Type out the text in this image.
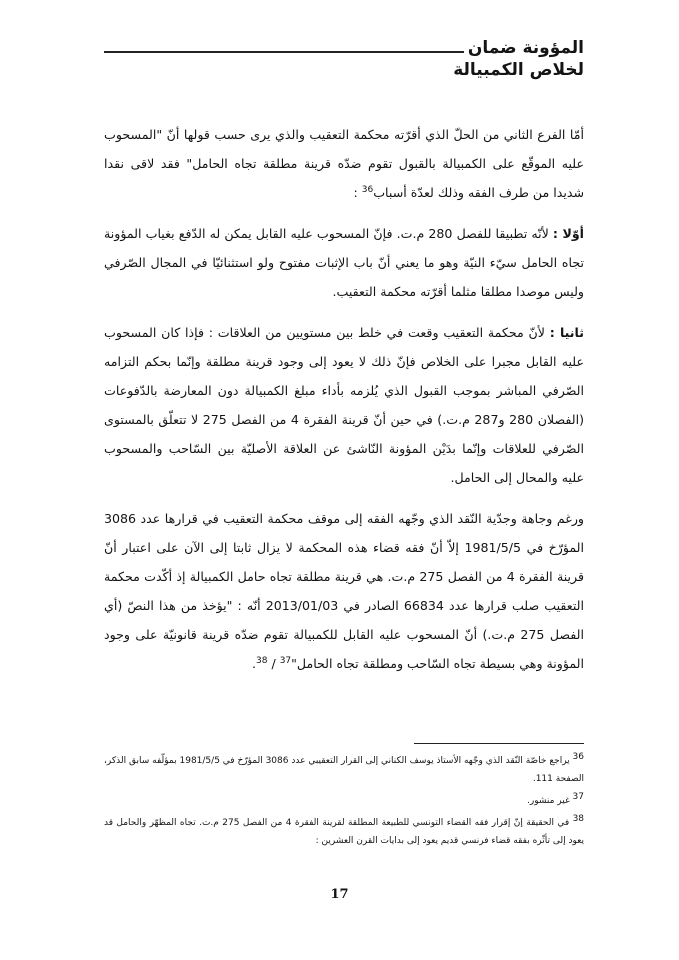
المؤونة ضمان
لخلاص الكمبيالة

أمّا الفرع الثاني من الحلّ الذي أقرّته محكمة التعقيب والذي يرى حسب قولها أنّ "المسحوب عليه الموقّع على الكمبيالة بالقبول تقوم ضدّه قرينة مطلقة تجاه الحامل" فقد لاقى نقدا شديدا من طرف الفقه وذلك لعدّة أسباب$^{36}$ :

أوّلا : لأنّه تطبيقا للفصل 280 م.ت. فإنّ المسحوب عليه القابل يمكن له الدّفع بغياب المؤونة تجاه الحامل سيّء النيّة وهو ما يعني أنّ باب الإثبات مفتوح ولو استثنائيّا في المجال الصّرفي وليس موصدا مطلقا مثلما أقرّته محكمة التعقيب.

ثانيا : لأنّ محكمة التعقيب وقعت في خلط بين مستويين من العلاقات : فإذا كان المسحوب عليه القابل مجبرا على الخلاص فإنّ ذلك لا يعود إلى وجود قرينة مطلقة وإنّما بحكم التزامه الصّرفي المباشر بموجب القبول الذي يُلزمه بأداء مبلغ الكمبيالة دون المعارضة بالدّفوعات (الفصلان 280 و287 م.ت.) في حين أنّ قرينة الفقرة 4 من الفصل 275 لا تتعلّق بالمستوى الصّرفي للعلاقات وإنّما بدَيْن المؤونة النّاشئ عن العلاقة الأصليّة بين السّاحب والمسحوب عليه والمحال إلى الحامل.

ورغم وجاهة وجدّية النّقد الذي وجّهه الفقه إلى موقف محكمة التعقيب في قرارها عدد 3086 المؤرّخ في 1981/5/5 إلاّ أنّ فقه قضاء هذه المحكمة لا يزال ثابتا إلى الآن على اعتبار أنّ قرينة الفقرة 4 من الفصل 275 م.ت. هي قرينة مطلقة تجاه حامل الكمبيالة إذ أكّدت محكمة التعقيب صلب قرارها عدد 66834 الصادر في 2013/01/03 أنّه : "يؤخذ من هذا النصّ (أي الفصل 275 م.ت.) أنّ المسحوب عليه القابل للكمبيالة تقوم ضدّه قرينة قانونيّة على وجود المؤونة وهي بسيطة تجاه السّاحب ومطلقة تجاه الحامل"$^{37}$ / $^{38}$.

$^{36}$ يراجع خاصّة النّقد الذي وجّهه الأستاذ يوسف الكناني إلى القرار التعقيبي عدد 3086 المؤرّخ في 1981/5/5 بمؤلّفه سابق الذكر، الصفحة 111.

$^{37}$ غير منشور.

$^{38}$ في الحقيقة إنّ إقرار فقه القضاء التونسي للطبيعة المطلقة لقرينة الفقرة 4 من الفصل 275 م.ت. تجاه المظهّر والحامل قد يعود إلى تأثّره بفقه قضاء فرنسي قديم يعود إلى بدايات القرن العشرين :

17
